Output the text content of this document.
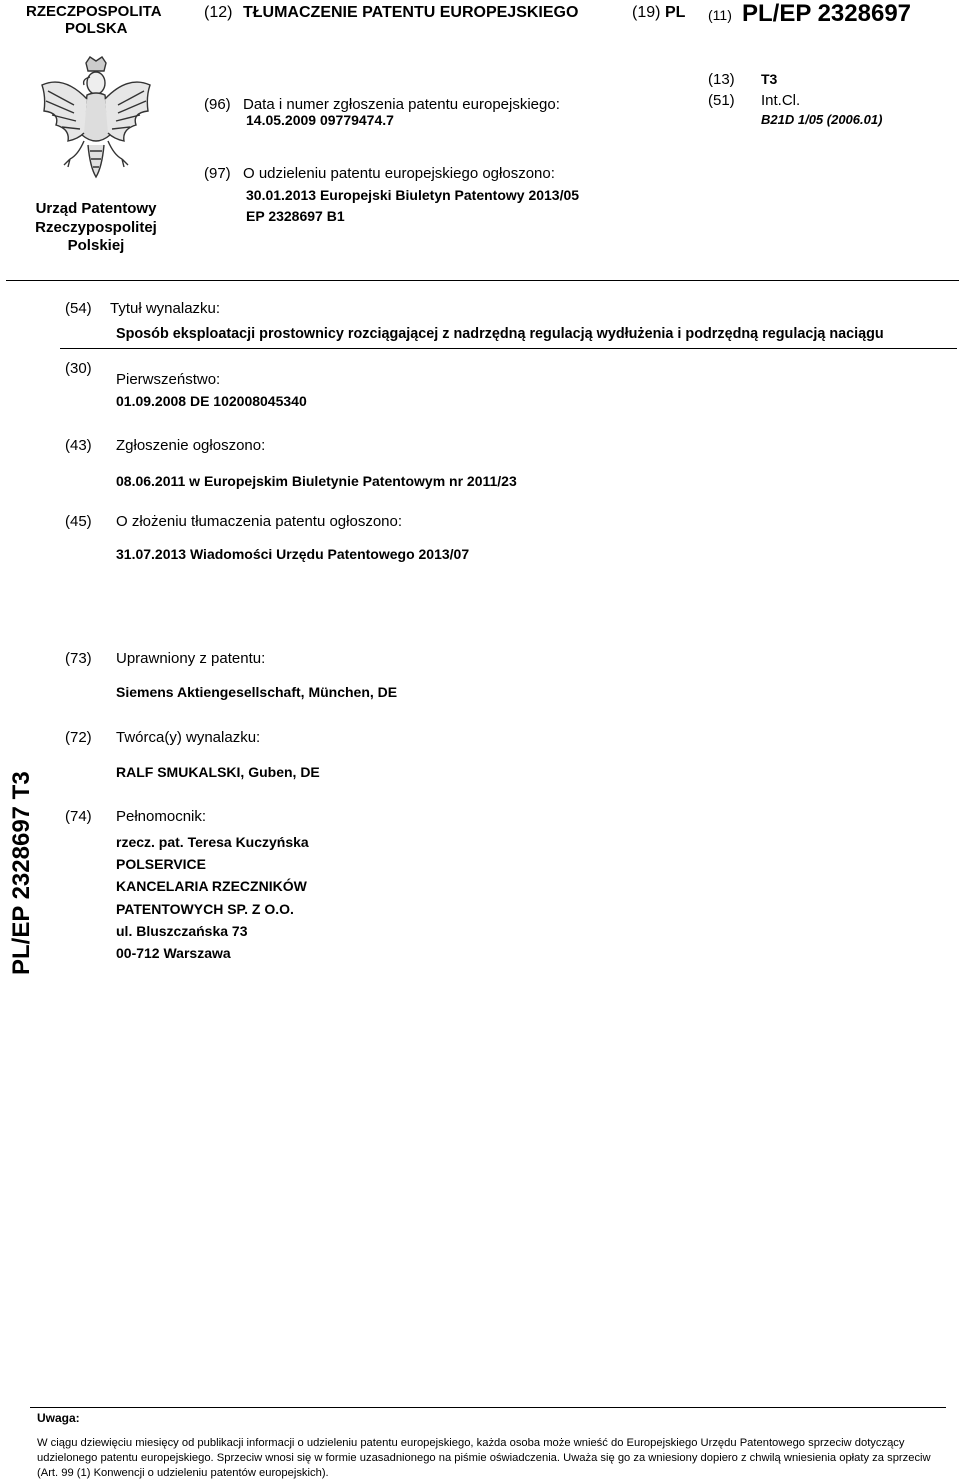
RZECZPOSPOLITA
POLSKA
(12) TŁUMACZENIE PATENTU EUROPEJSKIEGO	(19) PL (11) PL/EP 2328697
Urząd Patentowy
Rzeczypospolitej
Polskiej
(96) Data i numer zgłoszenia patentu europejskiego:
14.05.2009 09779474.7
(13) T3
(51) Int.Cl.
B21D 1/05 (2006.01)
(97) O udzieleniu patentu europejskiego ogłoszono:
30.01.2013 Europejski Biuletyn Patentowy 2013/05
EP 2328697 B1
(54) Tytuł wynalazku:
Sposób eksploatacji prostownicy rozciągającej z nadrzędną regulacją wydłużenia i podrzędną regulacją naciągu
(30)
Pierwszeństwo:
01.09.2008 DE 102008045340
(43) Zgłoszenie ogłoszono:
08.06.2011 w Europejskim Biuletynie Patentowym nr 2011/23
(45) O złożeniu tłumaczenia patentu ogłoszono:
31.07.2013 Wiadomości Urzędu Patentowego 2013/07
(73) Uprawniony z patentu:
Siemens Aktiengesellschaft, München, DE
(72) Twórca(y) wynalazku:
RALF SMUKALSKI, Guben, DE
(74) Pełnomocnik:
rzecz. pat. Teresa Kuczyńska
POLSERVICE
KANCELARIA RZECZNIKÓW
PATENTOWYCH SP. Z O.O.
ul. Bluszczańska 73
00-712 Warszawa
PL/EP 2328697 T3
Uwaga:
W ciągu dziewięciu miesięcy od publikacji informacji o udzieleniu patentu europejskiego, każda osoba może wnieść do Europejskiego Urzędu Patentowego sprzeciw dotyczący udzielonego patentu europejskiego. Sprzeciw wnosi się w formie uzasadnionego na piśmie oświadczenia. Uważa się go za wniesiony dopiero z chwilą wniesienia opłaty za sprzeciw (Art. 99 (1) Konwencji o udzieleniu patentów europejskich).
